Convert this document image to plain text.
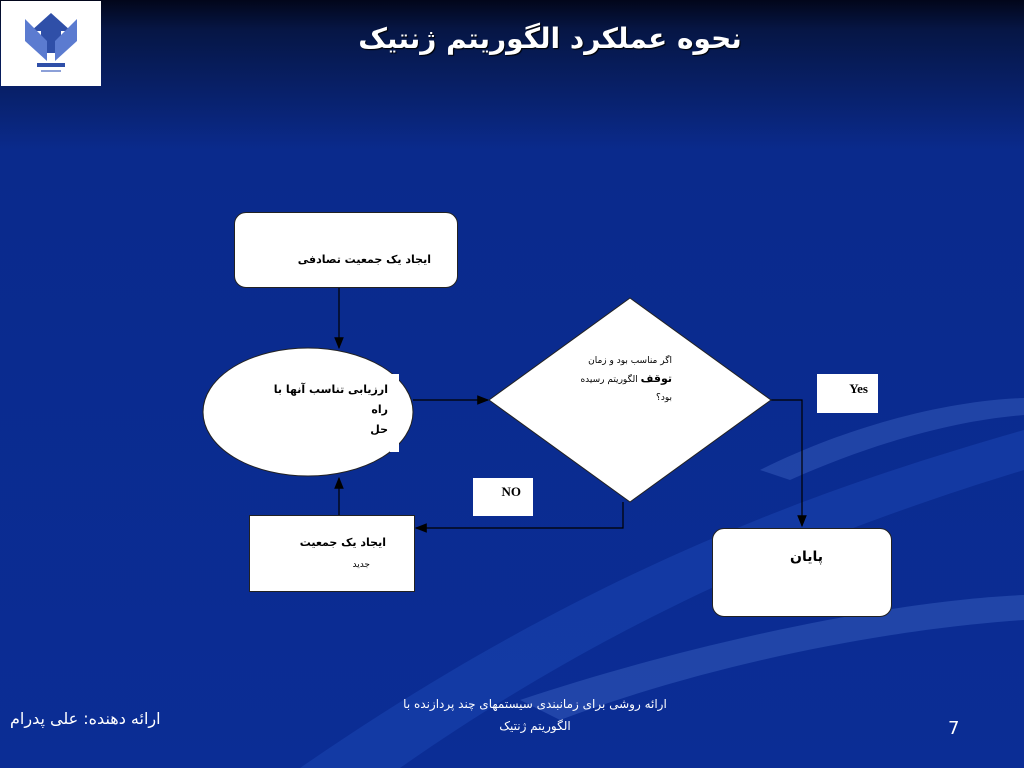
نحوه عملکرد الگوریتم ژنتیک
ایجاد یک جمعیت تصادفی
ارزیابی تناسب آنها با راه
حل
اگر مناسب بود و زمان
توقف الگوریتم رسیده
بود؟
Yes
NO
ایجاد یک جمعیت
جدید	پایان
ارائه دهنده: علی پدرام
ارائه روشی برای زمانبندی سیستمهای چند پردازنده با
الگوریتم ژنتیک	7
